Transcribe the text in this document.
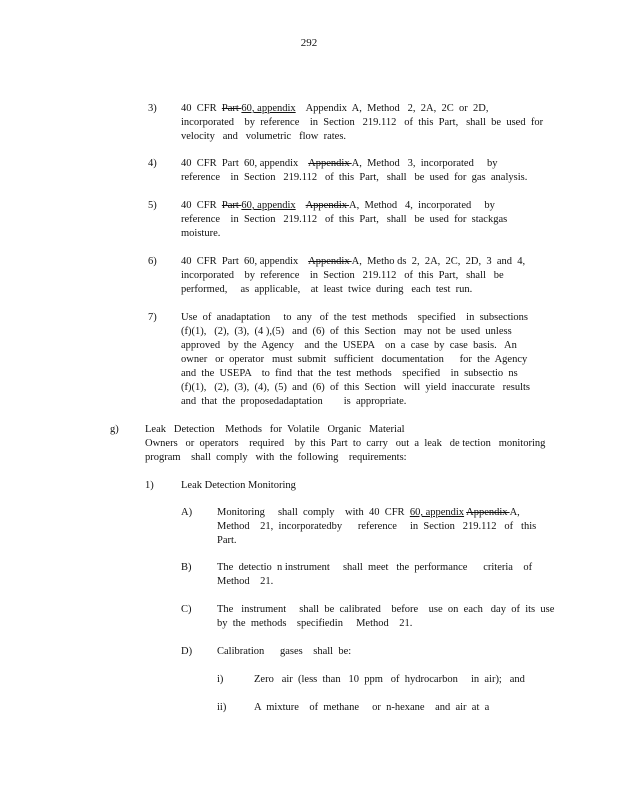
292
3) 40  CFR  Part 60, appendix    Appendix  A,  Method   2,  2A,  2C  or  2D,
incorporated    by  reference    in  Section   219.112   of  this  Part,   shall  be  used  for
velocity   and   volumetric   flow  rates.
4) 40  CFR  Part  60, appendix    Appendix A,  Method   3,  incorporated     by
reference    in  Section   219.112   of  this  Part,   shall   be  used  for  gas  analysis.
5) 40  CFR  Part 60, appendix Appendix A,  Method   4,  incorporated     by
reference    in  Section   219.112   of  this  Part,   shall   be  used  for  stackgas
moisture.
6) 40  CFR  Part  60, appendix    Appendix A,  Metho ds  2,  2A,  2C,  2D,  3  and  4,
incorporated    by  reference    in  Section   219.112   of  this  Part,   shall   be
performed,     as  applicable,    at  least  twice  during   each  test  run.
7) Use  of  anadaptation     to  any   of  the  test  methods    specified    in  subsections
(f)(1),   (2),  (3),  (4 ),(5)   and  (6)  of  this  Section   may  not  be  used  unless
approved   by  the  Agency    and  the  USEPA    on  a  case  by  case  basis.   An
owner   or  operator   must  submit   sufficient   documentation      for  the  Agency
and  the  USEPA    to  find  that  the  test  methods    specified    in  subsectio  ns
(f)(1),   (2),  (3),  (4),  (5)  and  (6)  of  this  Section   will  yield  inaccurate   results
and  that  the  proposedadaptation        is  appropriate.
g)	Leak   Detection    Methods   for  Volatile   Organic   Material
Owners   or  operators    required    by  this  Part  to  carry   out  a  leak   de tection   monitoring
program    shall  comply   with  the  following    requirements:
1)	Leak Detection Monitoring
A) Monitoring     shall  comply    with  40  CFR  60, appendix Appendix A,
Method    21,  incorporatedby      reference     in  Section   219.112   of   this
Part.
B) The  detectio  n instrument     shall  meet   the  performance      criteria    of
Method    21.
C) The   instrument     shall  be  calibrated    before    use  on  each   day  of  its  use
by  the  methods    specifiedin     Method    21.
D) Calibration      gases    shall  be:
i)	Zero   air  (less  than   10  ppm   of  hydrocarbon     in  air);   and
ii)	A  mixture    of  methane     or  n-hexane    and  air  at  a
